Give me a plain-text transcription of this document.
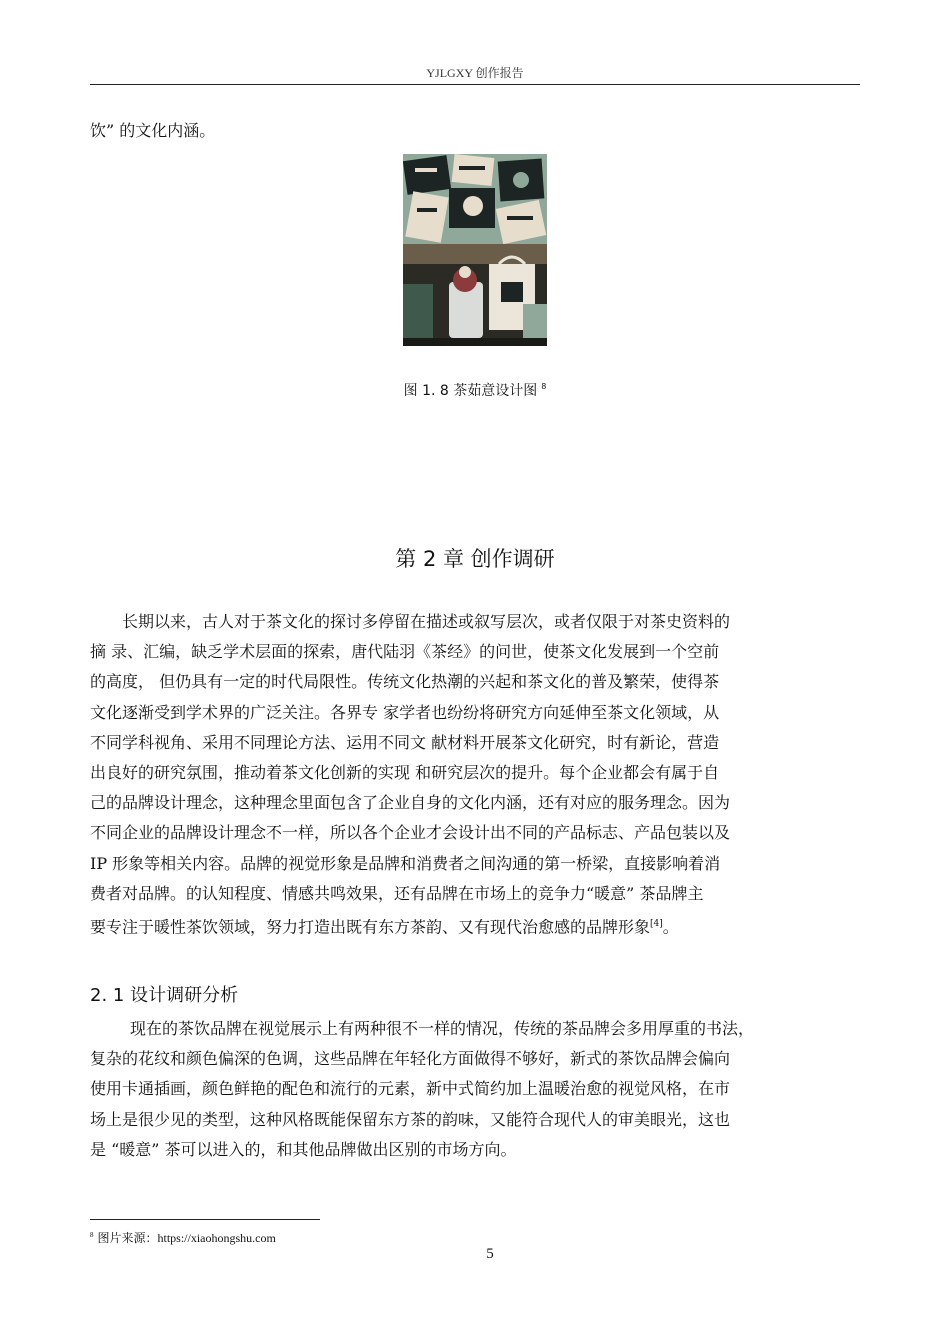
YJLGXY 创作报告
饮” 的文化内涵。
图 1. 8 茶茹意设计图 $^8$
第 2 章 创作调研
长期以来，古人对于茶文化的探讨多停留在描述或叙写层次，或者仅限于对茶史资料的
摘 录、汇编，缺乏学术层面的探索，唐代陆羽《茶经》的问世，使茶文化发展到一个空前
的高度， 但仍具有一定的时代局限性。传统文化热潮的兴起和茶文化的普及繁荣，使得茶
文化逐渐受到学术界的广泛关注。各界专 家学者也纷纷将研究方向延伸至茶文化领域，从
不同学科视角、采用不同理论方法、运用不同文 献材料开展茶文化研究，时有新论，营造
出良好的研究氛围，推动着茶文化创新的实现 和研究层次的提升。每个企业都会有属于自
己的品牌设计理念，这种理念里面包含了企业自身的文化内涵，还有对应的服务理念。因为
不同企业的品牌设计理念不一样，所以各个企业才会设计出不同的产品标志、产品包装以及
IP 形象等相关内容。品牌的视觉形象是品牌和消费者之间沟通的第一桥梁，直接影响着消
费者对品牌。的认知程度、情感共鸣效果，还有品牌在市场上的竞争力“暖意” 茶品牌主
要专注于暖性茶饮领域，努力打造出既有东方茶韵、又有现代治愈感的品牌形象[4]。
2. 1 设计调研分析
现在的茶饮品牌在视觉展示上有两种很不一样的情况，传统的茶品牌会多用厚重的书法，
复杂的花纹和颜色偏深的色调，这些品牌在年轻化方面做得不够好，新式的茶饮品牌会偏向
使用卡通插画，颜色鲜艳的配色和流行的元素，新中式简约加上温暖治愈的视觉风格，在市
场上是很少见的类型，这种风格既能保留东方茶的韵味，又能符合现代人的审美眼光，这也
是 “暖意” 茶可以进入的，和其他品牌做出区别的市场方向。
$^8$ 图片来源：https://xiaohongshu.com
5
